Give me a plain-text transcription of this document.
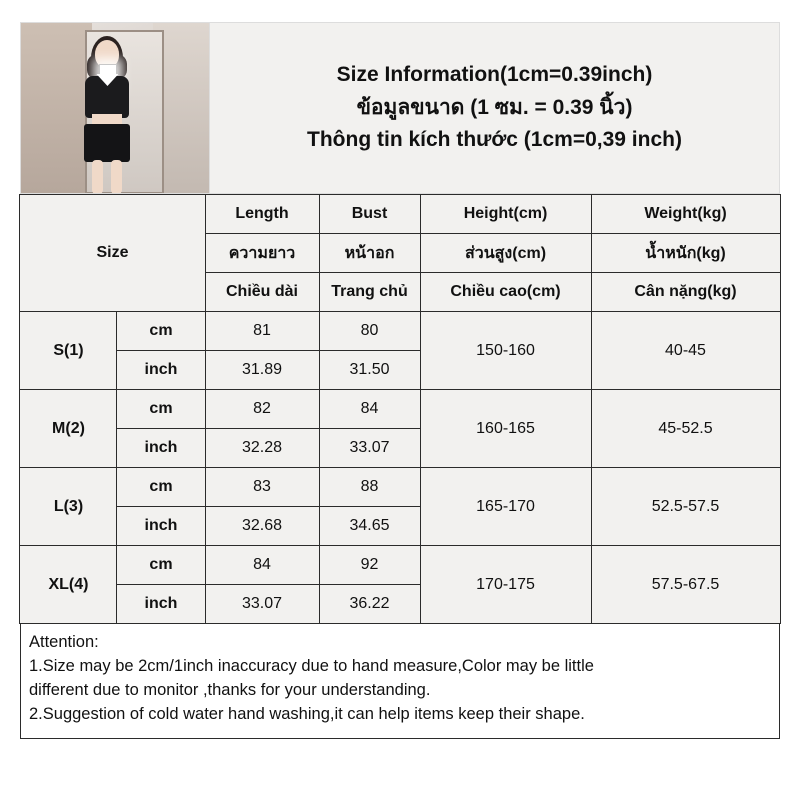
Size Information(1cm=0.39inch)
ข้อมูลขนาด (1 ซม. = 0.39 นิ้ว)
Thông tin kích thước (1cm=0,39 inch)
Size		Length	Bust	Height(cm)	Weight(kg)
		ความยาว	หน้าอก	ส่วนสูง(cm)	น้ำหนัก(kg)
		Chiều dài	Trang chủ	Chiều cao(cm)	Cân nặng(kg)
S(1)	cm	81	80	150-160	40-45
	inch	31.89	31.50		
M(2)	cm	82	84	160-165	45-52.5
	inch	32.28	33.07		
L(3)	cm	83	88	165-170	52.5-57.5
	inch	32.68	34.65		
XL(4)	cm	84	92	170-175	57.5-67.5
	inch	33.07	36.22		

Attention:

1.Size may be 2cm/1inch inaccuracy due to hand measure,Color may be little

different due to monitor ,thanks for your understanding.

2.Suggestion of cold water hand washing,it can help items keep their shape.
